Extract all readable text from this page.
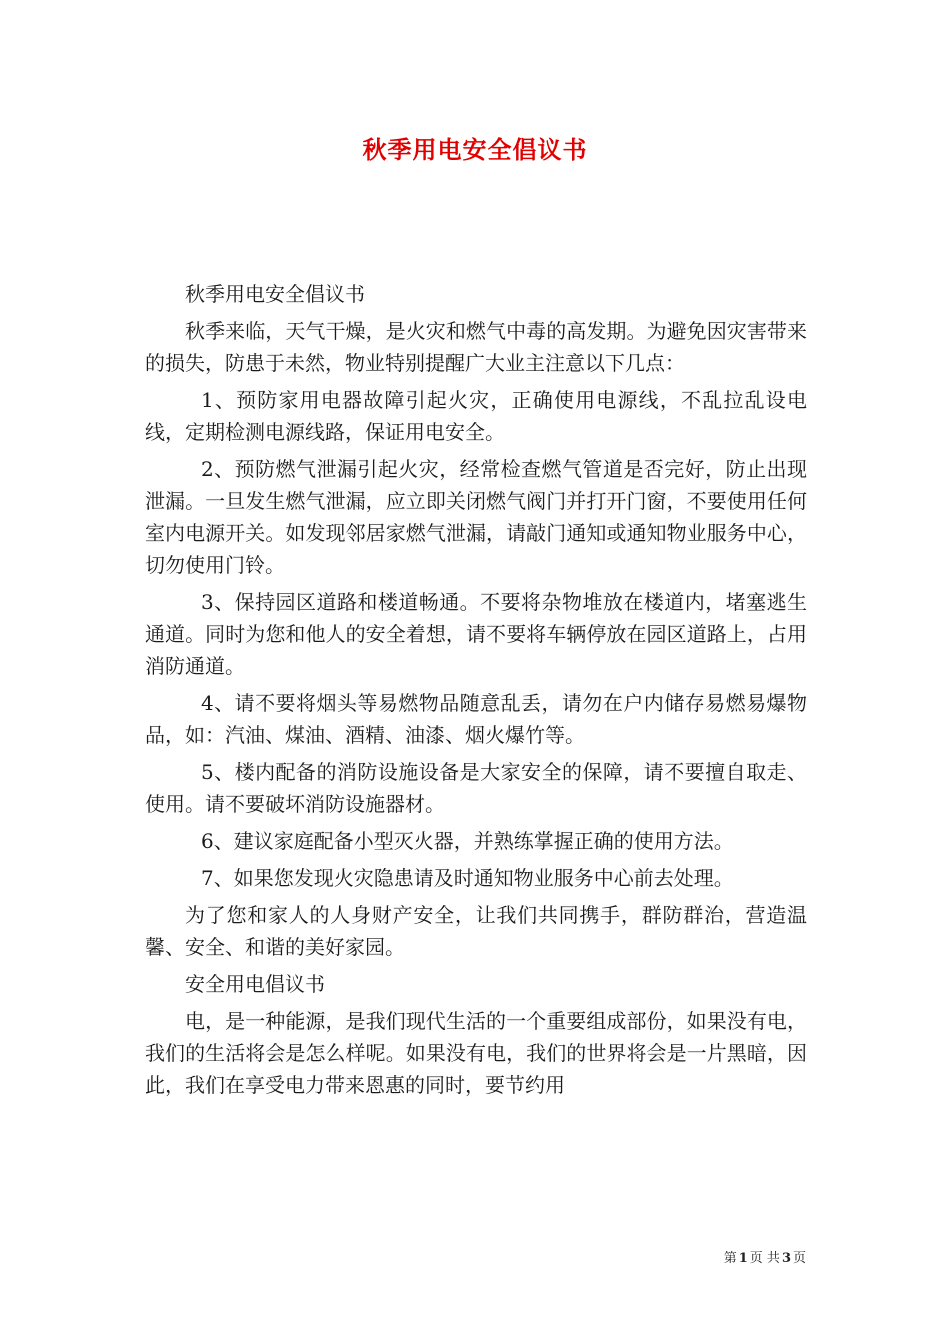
秋季用电安全倡议书

秋季用电安全倡议书

秋季来临，天气干燥，是火灾和燃气中毒的高发期。为避免因灾害带来的损失，防患于未然，物业特别提醒广大业主注意以下几点：

1、预防家用电器故障引起火灾，正确使用电源线，不乱拉乱设电线，定期检测电源线路，保证用电安全。

2、预防燃气泄漏引起火灾，经常检查燃气管道是否完好，防止出现泄漏。一旦发生燃气泄漏，应立即关闭燃气阀门并打开门窗，不要使用任何室内电源开关。如发现邻居家燃气泄漏，请敲门通知或通知物业服务中心，切勿使用门铃。

3、保持园区道路和楼道畅通。不要将杂物堆放在楼道内，堵塞逃生通道。同时为您和他人的安全着想，请不要将车辆停放在园区道路上，占用消防通道。

4、请不要将烟头等易燃物品随意乱丢，请勿在户内储存易燃易爆物品，如：汽油、煤油、酒精、油漆、烟火爆竹等。

5、楼内配备的消防设施设备是大家安全的保障，请不要擅自取走、使用。请不要破坏消防设施器材。

6、建议家庭配备小型灭火器，并熟练掌握正确的使用方法。

7、如果您发现火灾隐患请及时通知物业服务中心前去处理。

为了您和家人的人身财产安全，让我们共同携手，群防群治，营造温馨、安全、和谐的美好家园。

安全用电倡议书

电，是一种能源，是我们现代生活的一个重要组成部份，如果没有电，我们的生活将会是怎么样呢。如果没有电，我们的世界将会是一片黑暗，因此，我们在享受电力带来恩惠的同时，要节约用

第 1 页 共 3 页
